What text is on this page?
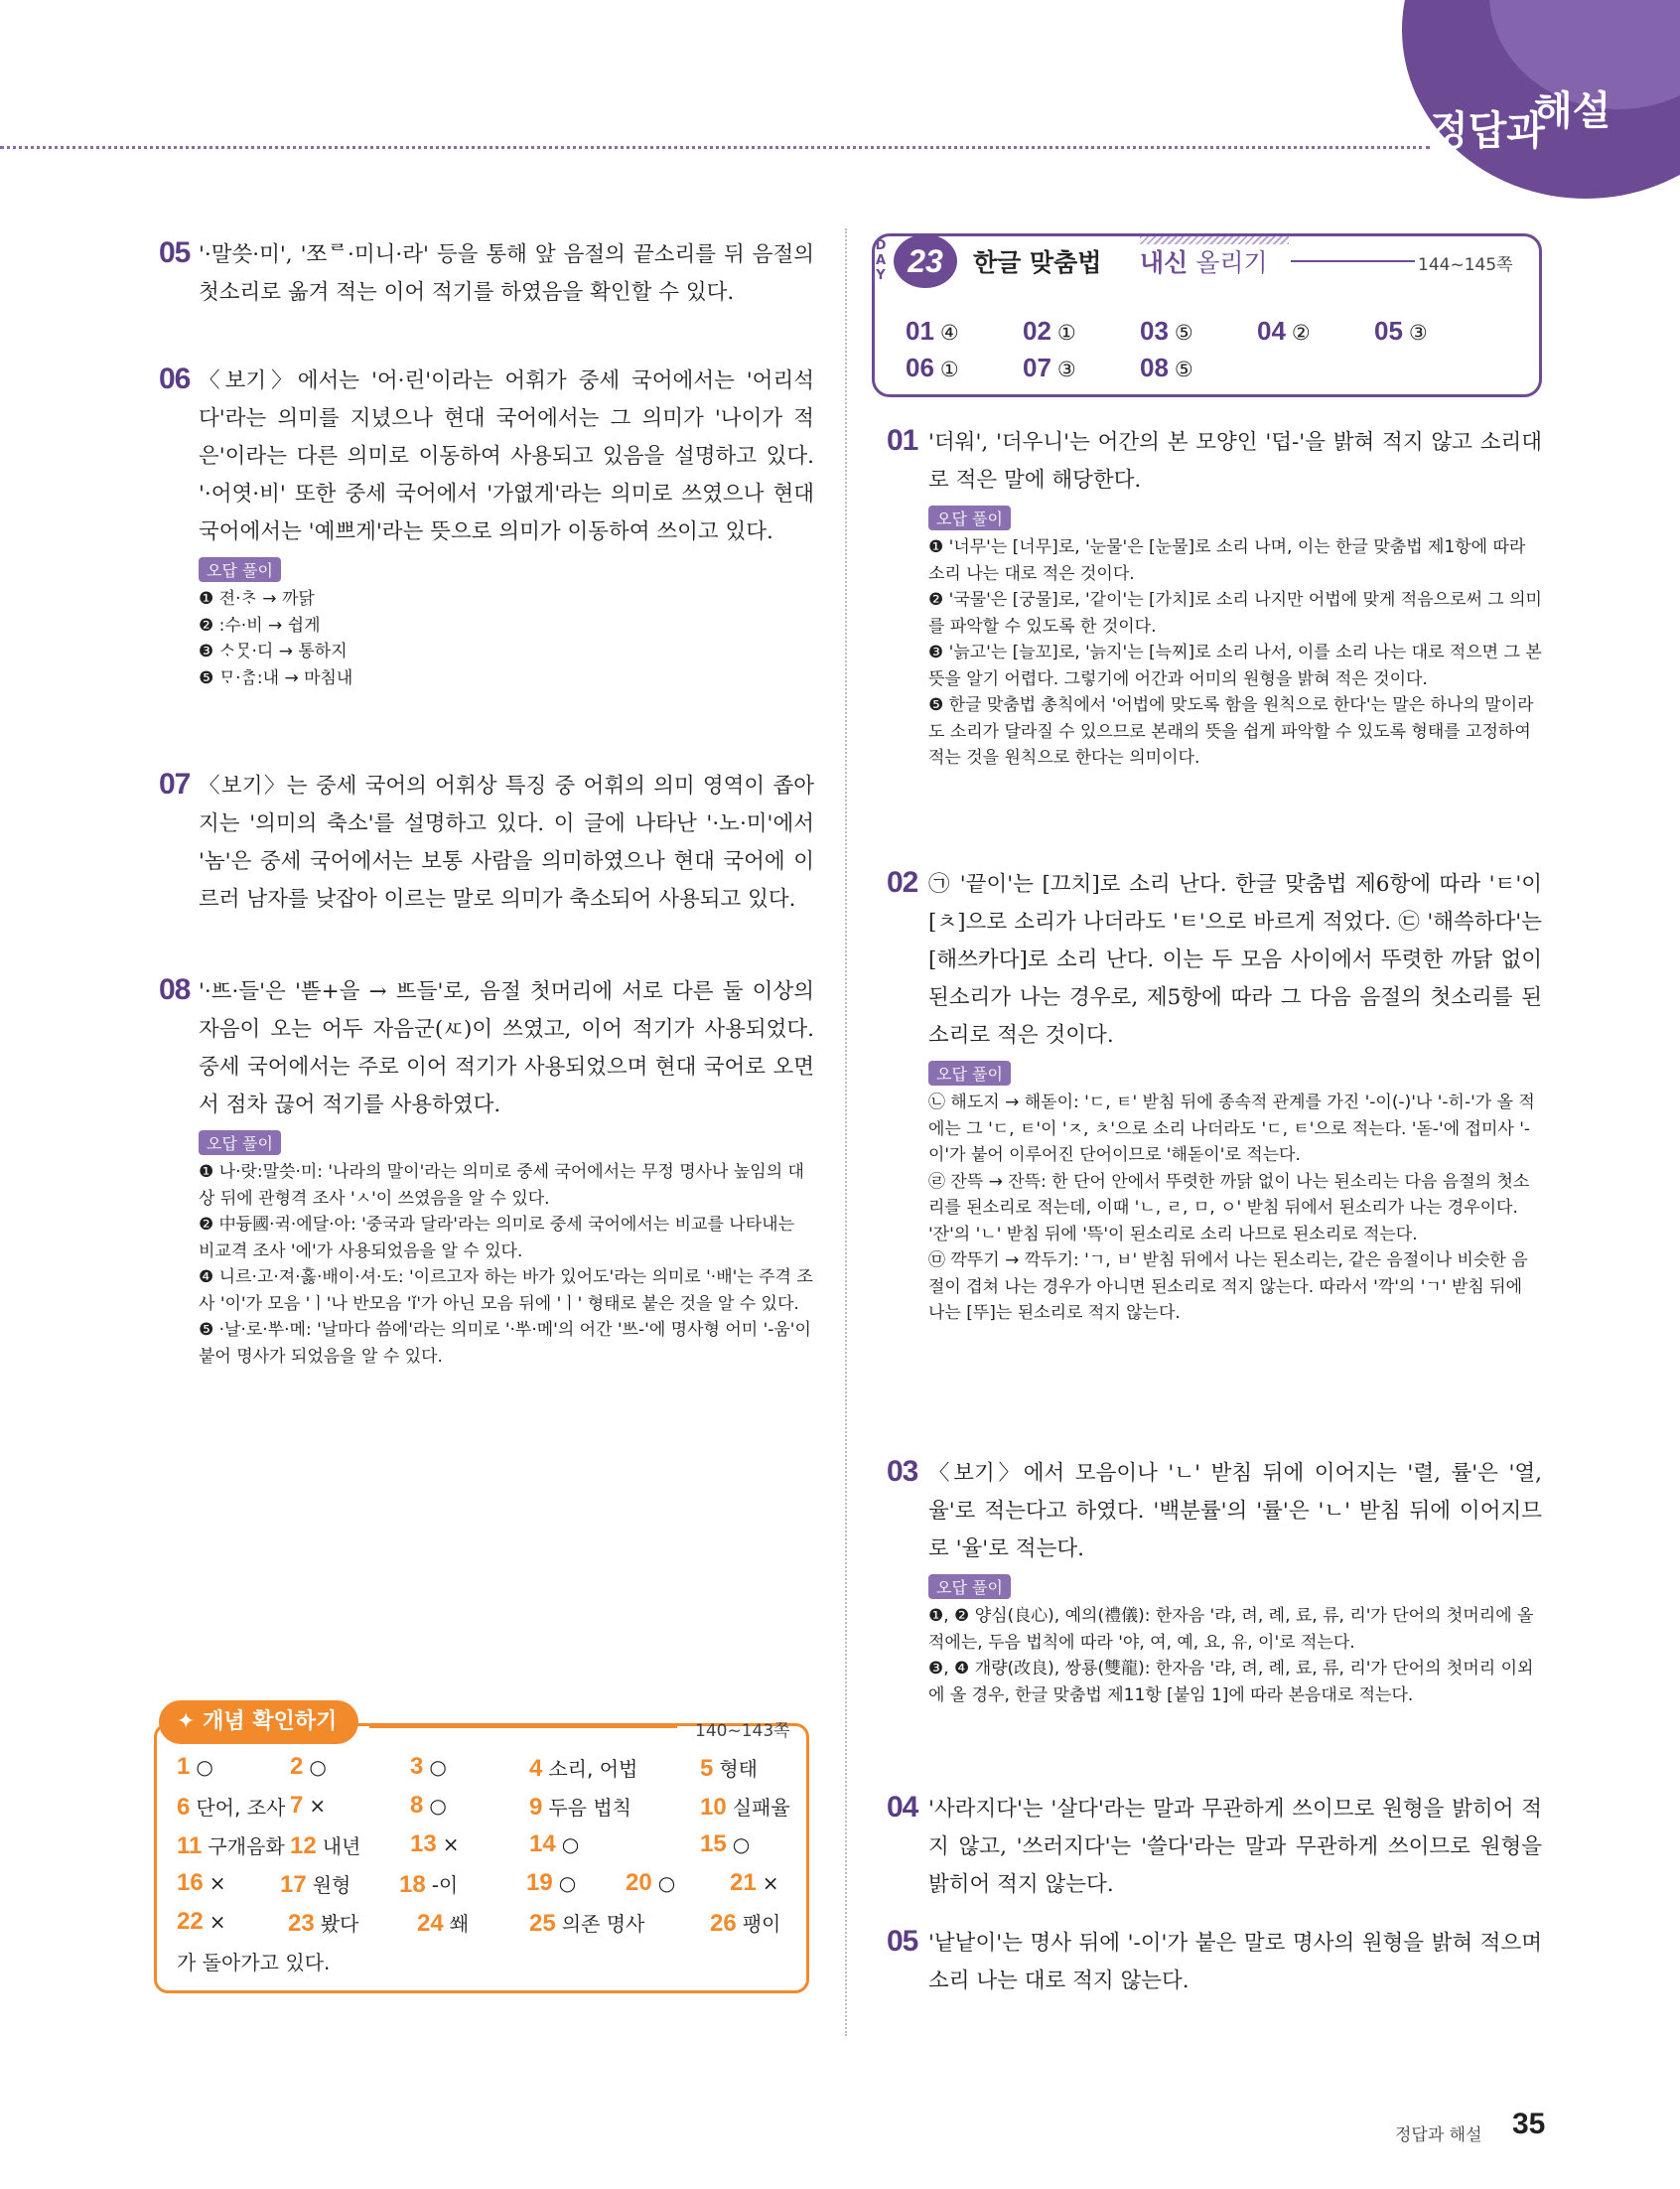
정답과
해설
05 '·말씃·미', '쪼ᄅ·미니·라' 등을 통해 앞 음절의 끝소리를 뒤 음절의 첫소리로 옮겨 적는 이어 적기를 하였음을 확인할 수 있다.
06 〈보기〉에서는 '어·린'이라는 어휘가 중세 국어에서는 '어리석다'라는 의미를 지녔으나 현대 국어에서는 그 의미가 '나이가 적은'이라는 다른 의미로 이동하여 사용되고 있음을 설명하고 있다. '·어엿·비' 또한 중세 국어에서 '가엾게'라는 의미로 쓰였으나 현대 국어에서는 '예쁘게'라는 뜻으로 의미가 이동하여 쓰이고 있다.
오답 풀이

❶ 젼·ᄎᆞ → 까닭

❷ :수·비 → 쉽게

❸ ᄉᆞᄆᆞᆺ·디 → 통하지

❺ ᄆᆞ·ᄎᆞᆷ:내 → 마침내

07 〈보기〉는 중세 국어의 어휘상 특징 중 어휘의 의미 영역이 좁아지는 '의미의 축소'를 설명하고 있다. 이 글에 나타난 '·노·미'에서 '놈'은 중세 국어에서는 보통 사람을 의미하였으나 현대 국어에 이르러 남자를 낮잡아 이르는 말로 의미가 축소되어 사용되고 있다.
08 '·ᄠᅳ·들'은 'ᄠᅳᆮ+을 → ᄠᅳ들'로, 음절 첫머리에 서로 다른 둘 이상의 자음이 오는 어두 자음군(ㅼ)이 쓰였고, 이어 적기가 사용되었다. 중세 국어에서는 주로 이어 적기가 사용되었으며 현대 국어로 오면서 점차 끊어 적기를 사용하였다.
오답 풀이

❶ 나·랏:말씃·미: '나라의 말이'라는 의미로 중세 국어에서는 무정 명사나 높임의 대상 뒤에 관형격 조사 'ㅅ'이 쓰였음을 알 수 있다.

❷ 中듕國·귁·에달·아: '중국과 달라'라는 의미로 중세 국어에서는 비교를 나타내는 비교격 조사 '에'가 사용되었음을 알 수 있다.

❹ 니르·고·져·홇·배이·셔·도: '이르고자 하는 바가 있어도'라는 의미로 '·배'는 주격 조사 '이'가 모음 'ㅣ'나 반모음 'ǐ'가 아닌 모음 뒤에 'ㅣ' 형태로 붙은 것을 알 수 있다.

❺ ·날·로·ᄡᅮ·메: '날마다 씀에'라는 의미로 '·ᄡᅮ·메'의 어간 'ᄡᅳ-'에 명사형 어미 '-움'이 붙어 명사가 되었음을 알 수 있다.

✦ 개념 확인하기	140~143쪽
1 ○	2 ○	3 ○	4 소리, 어법	5 형태
6 단어, 조사 7 ×	8 ○	9 두음 법칙	10 실패율
11 구개음화 12 내년 13 ×	14 ○	15 ○
16 × 17 원형 18 -이	19 ○ 20 ○ 21 ×
22 ×	23 봤다 24 쐐	25 의존 명사	26 팽이
가 돌아가고 있다.
D
A
Y 23	한글 맞춤법 내신 올리기	144~145쪽
01 ④ 02 ① 03 ⑤ 04 ② 05 ③
06 ① 07 ③ 08 ⑤
01 '더워', '더우니'는 어간의 본 모양인 '덥-'을 밝혀 적지 않고 소리대로 적은 말에 해당한다.
오답 풀이

❶ '너무'는 [너무]로, '눈물'은 [눈물]로 소리 나며, 이는 한글 맞춤법 제1항에 따라 소리 나는 대로 적은 것이다.

❷ '국물'은 [궁물]로, '같이'는 [가치]로 소리 나지만 어법에 맞게 적음으로써 그 의미를 파악할 수 있도록 한 것이다.

❸ '늙고'는 [늘꼬]로, '늙지'는 [늑찌]로 소리 나서, 이를 소리 나는 대로 적으면 그 본뜻을 알기 어렵다. 그렇기에 어간과 어미의 원형을 밝혀 적은 것이다.

❺ 한글 맞춤법 총칙에서 '어법에 맞도록 함을 원칙으로 한다'는 말은 하나의 말이라도 소리가 달라질 수 있으므로 본래의 뜻을 쉽게 파악할 수 있도록 형태를 고정하여 적는 것을 원칙으로 한다는 의미이다.

02 ㉠ '끝이'는 [끄치]로 소리 난다. 한글 맞춤법 제6항에 따라 'ㅌ'이 [ㅊ]으로 소리가 나더라도 'ㅌ'으로 바르게 적었다. ㉢ '해쓱하다'는 [해쓰카다]로 소리 난다. 이는 두 모음 사이에서 뚜렷한 까닭 없이 된소리가 나는 경우로, 제5항에 따라 그 다음 음절의 첫소리를 된소리로 적은 것이다.
오답 풀이

㉡ 해도지 → 해돋이: 'ㄷ, ㅌ' 받침 뒤에 종속적 관계를 가진 '-이(-)'나 '-히-'가 올 적에는 그 'ㄷ, ㅌ'이 'ㅈ, ㅊ'으로 소리 나더라도 'ㄷ, ㅌ'으로 적는다. '돋-'에 접미사 '-이'가 붙어 이루어진 단어이므로 '해돋이'로 적는다.

㉣ 잔뜩 → 잔뜩: 한 단어 안에서 뚜렷한 까닭 없이 나는 된소리는 다음 음절의 첫소리를 된소리로 적는데, 이때 'ㄴ, ㄹ, ㅁ, ㅇ' 받침 뒤에서 된소리가 나는 경우이다. '잔'의 'ㄴ' 받침 뒤에 '뜩'이 된소리로 소리 나므로 된소리로 적는다.

㉤ 깍뚜기 → 깍두기: 'ㄱ, ㅂ' 받침 뒤에서 나는 된소리는, 같은 음절이나 비슷한 음절이 겹쳐 나는 경우가 아니면 된소리로 적지 않는다. 따라서 '깍'의 'ㄱ' 받침 뒤에 나는 [뚜]는 된소리로 적지 않는다.

03 〈보기〉에서 모음이나 'ㄴ' 받침 뒤에 이어지는 '렬, 률'은 '열, 율'로 적는다고 하였다. '백분률'의 '률'은 'ㄴ' 받침 뒤에 이어지므로 '율'로 적는다.
오답 풀이

❶, ❷ 양심(良心), 예의(禮儀): 한자음 '랴, 려, 례, 료, 류, 리'가 단어의 첫머리에 올 적에는, 두음 법칙에 따라 '야, 여, 예, 요, 유, 이'로 적는다.

❸, ❹ 개량(改良), 쌍룡(雙龍): 한자음 '랴, 려, 례, 료, 류, 리'가 단어의 첫머리 이외에 올 경우, 한글 맞춤법 제11항 [붙임 1]에 따라 본음대로 적는다.

04 '사라지다'는 '살다'라는 말과 무관하게 쓰이므로 원형을 밝히어 적지 않고, '쓰러지다'는 '쓸다'라는 말과 무관하게 쓰이므로 원형을 밝히어 적지 않는다.
05 '낱낱이'는 명사 뒤에 '-이'가 붙은 말로 명사의 원형을 밝혀 적으며 소리 나는 대로 적지 않는다.
정답과 해설 35
